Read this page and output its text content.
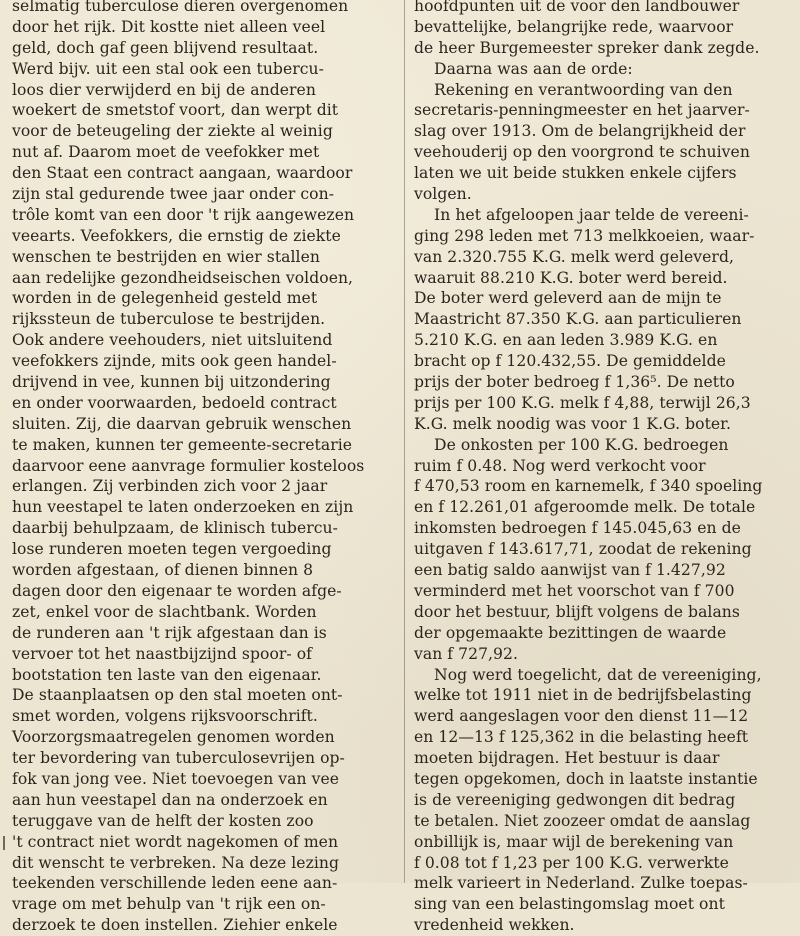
selmatig tuberculose dieren overgenomen
door het rijk. Dit kostte niet alleen veel
geld, doch gaf geen blijvend resultaat.
Werd bijv. uit een stal ook een tubercu-
loos dier verwijderd en bij de anderen
woekert de smetstof voort, dan werpt dit
voor de beteugeling der ziekte al weinig
nut af. Daarom moet de veefokker met
den Staat een contract aangaan, waardoor
zijn stal gedurende twee jaar onder con-
trôle komt van een door 't rijk aangewezen
veearts. Veefokkers, die ernstig de ziekte
wenschen te bestrijden en wier stallen
aan redelijke gezondheidseischen voldoen,
worden in de gelegenheid gesteld met
rijkssteun de tuberculose te bestrijden.
Ook andere veehouders, niet uitsluitend
veefokkers zijnde, mits ook geen handel-
drijvend in vee, kunnen bij uitzondering
en onder voorwaarden, bedoeld contract
sluiten. Zij, die daarvan gebruik wenschen
te maken, kunnen ter gemeente-secretarie
daarvoor eene aanvrage formulier kosteloos
erlangen. Zij verbinden zich voor 2 jaar
hun veestapel te laten onderzoeken en zijn
daarbij behulpzaam, de klinisch tubercu-
lose runderen moeten tegen vergoeding
worden afgestaan, of dienen binnen 8
dagen door den eigenaar te worden afge-
zet, enkel voor de slachtbank. Worden
de runderen aan 't rijk afgestaan dan is
vervoer tot het naastbijzijnd spoor- of
bootstation ten laste van den eigenaar.
De staanplaatsen op den stal moeten ont-
smet worden, volgens rijksvoorschrift.
Voorzorgsmaatregelen genomen worden
ter bevordering van tuberculosevrijen op-
fok van jong vee. Niet toevoegen van vee
aan hun veestapel dan na onderzoek en
teruggave van de helft der kosten zoo
't contract niet wordt nagekomen of men
dit wenscht te verbreken. Na deze lezing
teekenden verschillende leden eene aan-
vrage om met behulp van 't rijk een on-
derzoek te doen instellen. Ziehier enkele
hoofdpunten uit de voor den landbouwer
bevattelijke, belangrijke rede, waarvoor
de heer Burgemeester spreker dank zegde.
Daarna was aan de orde:
Rekening en verantwoording van den
secretaris-penningmeester en het jaarver-
slag over 1913. Om de belangrijkheid der
veehouderij op den voorgrond te schuiven
laten we uit beide stukken enkele cijfers
volgen.
In het afgeloopen jaar telde de vereeni-
ging 298 leden met 713 melkkoeien, waar-
van 2.320.755 K.G. melk werd geleverd,
waaruit 88.210 K.G. boter werd bereid.
De boter werd geleverd aan de mijn te
Maastricht 87.350 K.G. aan particulieren
5.210 K.G. en aan leden 3.989 K.G. en
bracht op f 120.432,55. De gemiddelde
prijs der boter bedroeg f 1,36⁵. De netto
prijs per 100 K.G. melk f 4,88, terwijl 26,3
K.G. melk noodig was voor 1 K.G. boter.
De onkosten per 100 K.G. bedroegen
ruim f 0.48. Nog werd verkocht voor
f 470,53 room en karnemelk, f 340 spoeling
en f 12.261,01 afgeroomde melk. De totale
inkomsten bedroegen f 145.045,63 en de
uitgaven f 143.617,71, zoodat de rekening
een batig saldo aanwijst van f 1.427,92
verminderd met het voorschot van f 700
door het bestuur, blijft volgens de balans
der opgemaakte bezittingen de waarde
van f 727,92.
Nog werd toegelicht, dat de vereeniging,
welke tot 1911 niet in de bedrijfsbelasting
werd aangeslagen voor den dienst 11—12
en 12—13 f 125,362 in die belasting heeft
moeten bijdragen. Het bestuur is daar
tegen opgekomen, doch in laatste instantie
is de vereeniging gedwongen dit bedrag
te betalen. Niet zoozeer omdat de aanslag
onbillijk is, maar wijl de berekening van
f 0.08 tot f 1,23 per 100 K.G. verwerkte
melk varieert in Nederland. Zulke toepas-
sing van een belastingomslag moet ont
vredenheid wekken.
